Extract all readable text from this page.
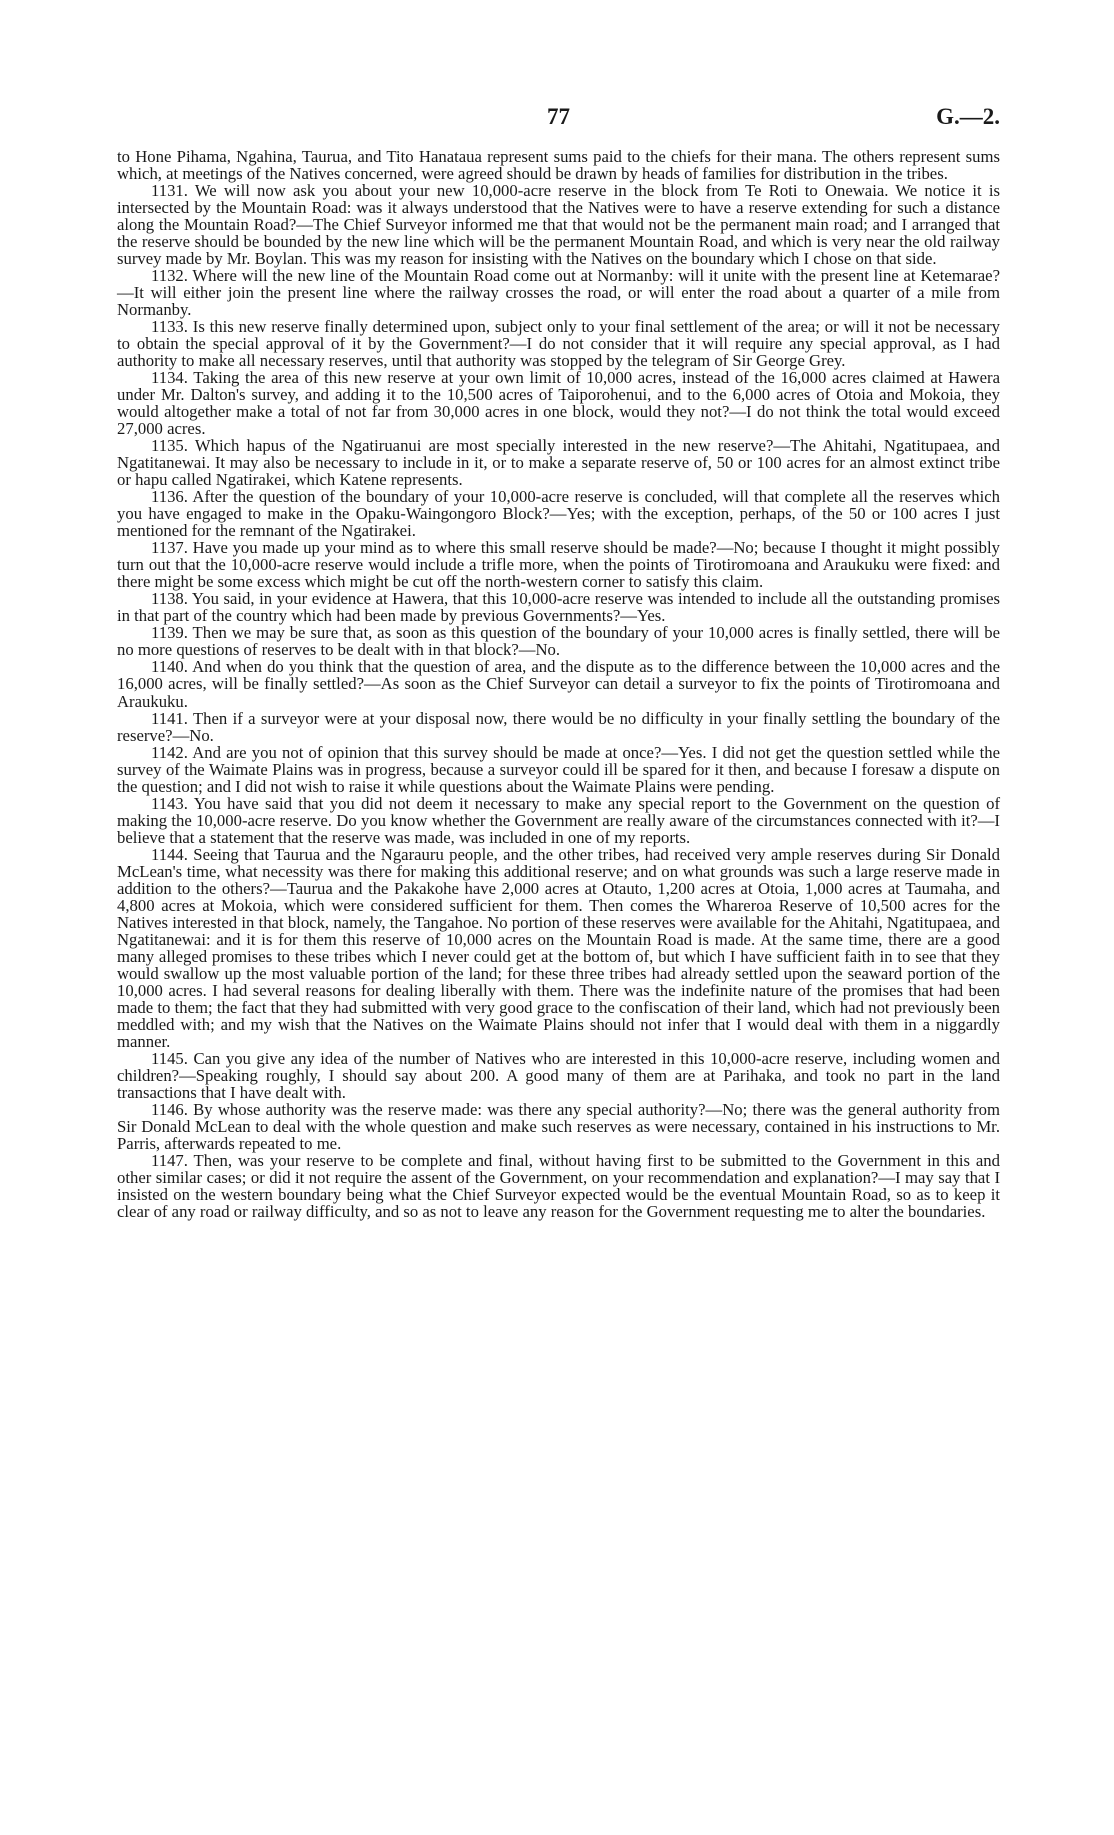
77	G.—2.

to Hone Pihama, Ngahina, Taurua, and Tito Hanataua represent sums paid to the chiefs for their mana. The others represent sums which, at meetings of the Natives concerned, were agreed should be drawn by heads of families for distribution in the tribes.

1131. We will now ask you about your new 10,000-acre reserve in the block from Te Roti to Onewaia. We notice it is intersected by the Mountain Road: was it always understood that the Natives were to have a reserve extending for such a distance along the Mountain Road?—The Chief Surveyor informed me that that would not be the permanent main road; and I arranged that the reserve should be bounded by the new line which will be the permanent Mountain Road, and which is very near the old railway survey made by Mr. Boylan. This was my reason for insisting with the Natives on the boundary which I chose on that side.

1132. Where will the new line of the Mountain Road come out at Normanby: will it unite with the present line at Ketemarae?—It will either join the present line where the railway crosses the road, or will enter the road about a quarter of a mile from Normanby.

1133. Is this new reserve finally determined upon, subject only to your final settlement of the area; or will it not be necessary to obtain the special approval of it by the Government?—I do not consider that it will require any special approval, as I had authority to make all necessary reserves, until that authority was stopped by the telegram of Sir George Grey.

1134. Taking the area of this new reserve at your own limit of 10,000 acres, instead of the 16,000 acres claimed at Hawera under Mr. Dalton's survey, and adding it to the 10,500 acres of Taiporohenui, and to the 6,000 acres of Otoia and Mokoia, they would altogether make a total of not far from 30,000 acres in one block, would they not?—I do not think the total would exceed 27,000 acres.

1135. Which hapus of the Ngatiruanui are most specially interested in the new reserve?—The Ahitahi, Ngatitupaea, and Ngatitanewai. It may also be necessary to include in it, or to make a separate reserve of, 50 or 100 acres for an almost extinct tribe or hapu called Ngatirakei, which Katene represents.

1136. After the question of the boundary of your 10,000-acre reserve is concluded, will that complete all the reserves which you have engaged to make in the Opaku-Waingongoro Block?—Yes; with the exception, perhaps, of the 50 or 100 acres I just mentioned for the remnant of the Ngatirakei.

1137. Have you made up your mind as to where this small reserve should be made?—No; because I thought it might possibly turn out that the 10,000-acre reserve would include a trifle more, when the points of Tirotiromoana and Araukuku were fixed: and there might be some excess which might be cut off the north-western corner to satisfy this claim.

1138. You said, in your evidence at Hawera, that this 10,000-acre reserve was intended to include all the outstanding promises in that part of the country which had been made by previous Governments?—Yes.

1139. Then we may be sure that, as soon as this question of the boundary of your 10,000 acres is finally settled, there will be no more questions of reserves to be dealt with in that block?—No.

1140. And when do you think that the question of area, and the dispute as to the difference between the 10,000 acres and the 16,000 acres, will be finally settled?—As soon as the Chief Surveyor can detail a surveyor to fix the points of Tirotiromoana and Araukuku.

1141. Then if a surveyor were at your disposal now, there would be no difficulty in your finally settling the boundary of the reserve?—No.

1142. And are you not of opinion that this survey should be made at once?—Yes. I did not get the question settled while the survey of the Waimate Plains was in progress, because a surveyor could ill be spared for it then, and because I foresaw a dispute on the question; and I did not wish to raise it while questions about the Waimate Plains were pending.

1143. You have said that you did not deem it necessary to make any special report to the Government on the question of making the 10,000-acre reserve. Do you know whether the Government are really aware of the circumstances connected with it?—I believe that a statement that the reserve was made, was included in one of my reports.

1144. Seeing that Taurua and the Ngarauru people, and the other tribes, had received very ample reserves during Sir Donald McLean's time, what necessity was there for making this additional reserve; and on what grounds was such a large reserve made in addition to the others?—Taurua and the Pakakohe have 2,000 acres at Otauto, 1,200 acres at Otoia, 1,000 acres at Taumaha, and 4,800 acres at Mokoia, which were considered sufficient for them. Then comes the Whareroa Reserve of 10,500 acres for the Natives interested in that block, namely, the Tangahoe. No portion of these reserves were available for the Ahitahi, Ngatitupaea, and Ngatitanewai: and it is for them this reserve of 10,000 acres on the Mountain Road is made. At the same time, there are a good many alleged promises to these tribes which I never could get at the bottom of, but which I have sufficient faith in to see that they would swallow up the most valuable portion of the land; for these three tribes had already settled upon the seaward portion of the 10,000 acres. I had several reasons for dealing liberally with them. There was the indefinite nature of the promises that had been made to them; the fact that they had submitted with very good grace to the confiscation of their land, which had not previously been meddled with; and my wish that the Natives on the Waimate Plains should not infer that I would deal with them in a niggardly manner.

1145. Can you give any idea of the number of Natives who are interested in this 10,000-acre reserve, including women and children?—Speaking roughly, I should say about 200. A good many of them are at Parihaka, and took no part in the land transactions that I have dealt with.

1146. By whose authority was the reserve made: was there any special authority?—No; there was the general authority from Sir Donald McLean to deal with the whole question and make such reserves as were necessary, contained in his instructions to Mr. Parris, afterwards repeated to me.

1147. Then, was your reserve to be complete and final, without having first to be submitted to the Government in this and other similar cases; or did it not require the assent of the Government, on your recommendation and explanation?—I may say that I insisted on the western boundary being what the Chief Surveyor expected would be the eventual Mountain Road, so as to keep it clear of any road or railway difficulty, and so as not to leave any reason for the Government requesting me to alter the boundaries.
